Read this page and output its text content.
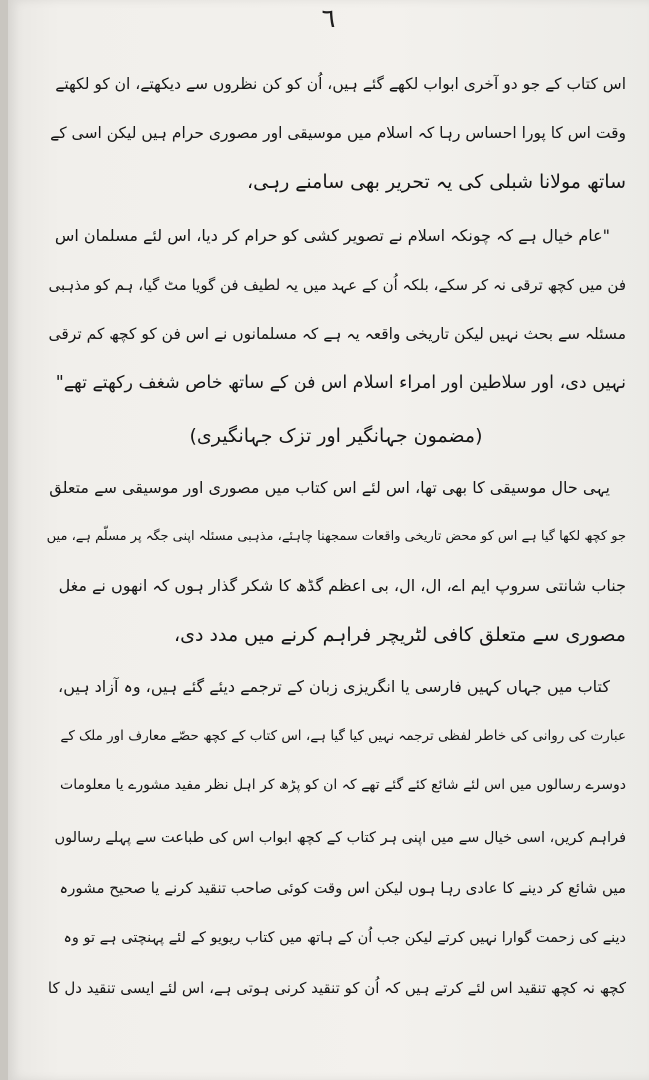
٦
اس کتاب کے جو دو آخری ابواب لکھے گئے ہیں، اُن کو کن نظروں سے دیکھتے، ان کو لکھتے
وقت اس کا پورا احساس رہا کہ اسلام میں موسیقی اور مصوری حرام ہیں لیکن اسی کے
ساتھ مولانا شبلی کی یہ تحریر بھی سامنے رہی،
"عام خیال ہے کہ چونکہ اسلام نے تصویر کشی کو حرام کر دیا، اس لئے مسلمان اس
فن میں کچھ ترقی نہ کر سکے، بلکہ اُن کے عہد میں یہ لطیف فن گویا مٹ گیا، ہم کو مذہبی
مسئلہ سے بحث نہیں لیکن تاریخی واقعہ یہ ہے کہ مسلمانوں نے اس فن کو کچھ کم ترقی
نہیں دی، اور سلاطین اور امراء اسلام اس فن کے ساتھ خاص شغف رکھتے تھے"
(مضمون جہانگیر اور تزک جہانگیری)
یہی حال موسیقی کا بھی تھا، اس لئے اس کتاب میں مصوری اور موسیقی سے متعلق
جو کچھ لکھا گیا ہے اس کو محض تاریخی واقعات سمجھنا چاہئے، مذہبی مسئلہ اپنی جگہ پر مسلّم ہے، میں
جناب شانتی سروپ ایم اے، ال، ال، بی اعظم گڈھ کا شکر گذار ہوں کہ انھوں نے مغل
مصوری سے متعلق کافی لٹریچر فراہم کرنے میں مدد دی،
کتاب میں جہاں کہیں فارسی یا انگریزی زبان کے ترجمے دیئے گئے ہیں، وہ آزاد ہیں،
عبارت کی روانی کی خاطر لفظی ترجمہ نہیں کیا گیا ہے، اس کتاب کے کچھ حصّے معارف اور ملک کے
دوسرے رسالوں میں اس لئے شائع کئے گئے تھے کہ ان کو پڑھ کر اہل نظر مفید مشورے یا معلومات
فراہم کریں، اسی خیال سے میں اپنی ہر کتاب کے کچھ ابواب اس کی طباعت سے پہلے رسالوں
میں شائع کر دینے کا عادی رہا ہوں لیکن اس وقت کوئی صاحب تنقید کرنے یا صحیح مشورہ
دینے کی زحمت گوارا نہیں کرتے لیکن جب اُن کے ہاتھ میں کتاب ریویو کے لئے پہنچتی ہے تو وہ
کچھ نہ کچھ تنقید اس لئے کرتے ہیں کہ اُن کو تنقید کرنی ہوتی ہے، اس لئے ایسی تنقید دل کا
